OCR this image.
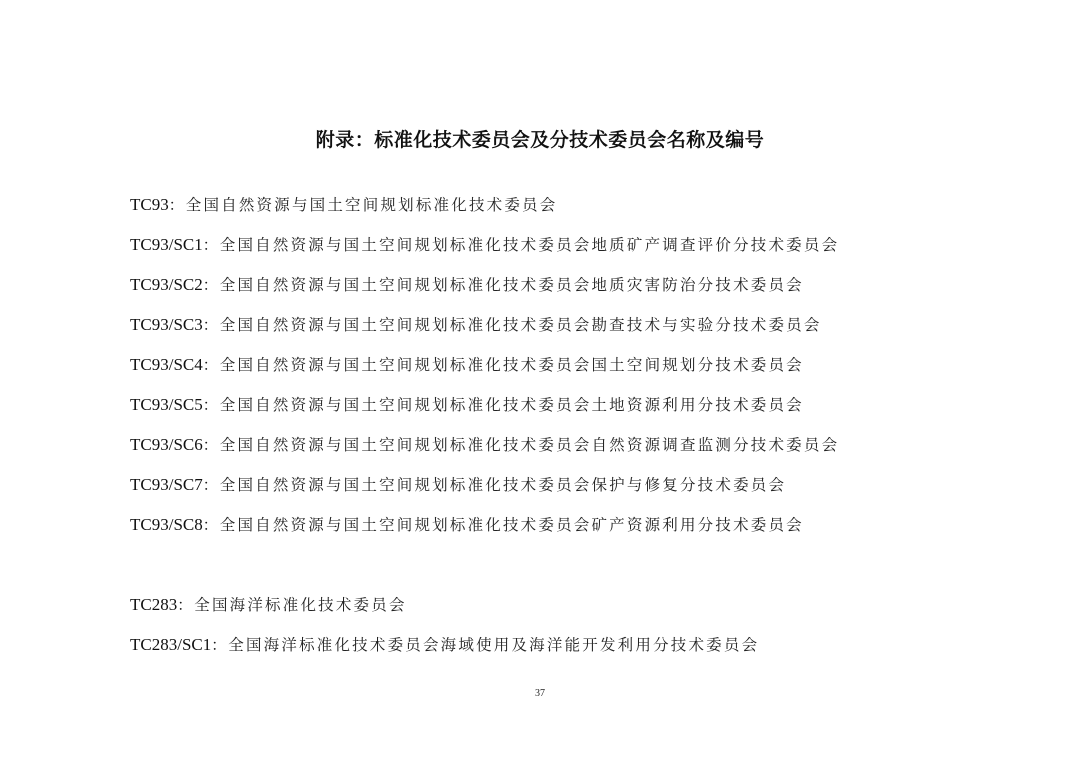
附录：标准化技术委员会及分技术委员会名称及编号
TC93： 全国自然资源与国土空间规划标准化技术委员会
TC93/SC1： 全国自然资源与国土空间规划标准化技术委员会地质矿产调查评价分技术委员会
TC93/SC2： 全国自然资源与国土空间规划标准化技术委员会地质灾害防治分技术委员会
TC93/SC3： 全国自然资源与国土空间规划标准化技术委员会勘查技术与实验分技术委员会
TC93/SC4： 全国自然资源与国土空间规划标准化技术委员会国土空间规划分技术委员会
TC93/SC5： 全国自然资源与国土空间规划标准化技术委员会土地资源利用分技术委员会
TC93/SC6： 全国自然资源与国土空间规划标准化技术委员会自然资源调查监测分技术委员会
TC93/SC7： 全国自然资源与国土空间规划标准化技术委员会保护与修复分技术委员会
TC93/SC8： 全国自然资源与国土空间规划标准化技术委员会矿产资源利用分技术委员会
TC283： 全国海洋标准化技术委员会
TC283/SC1： 全国海洋标准化技术委员会海域使用及海洋能开发利用分技术委员会
37
